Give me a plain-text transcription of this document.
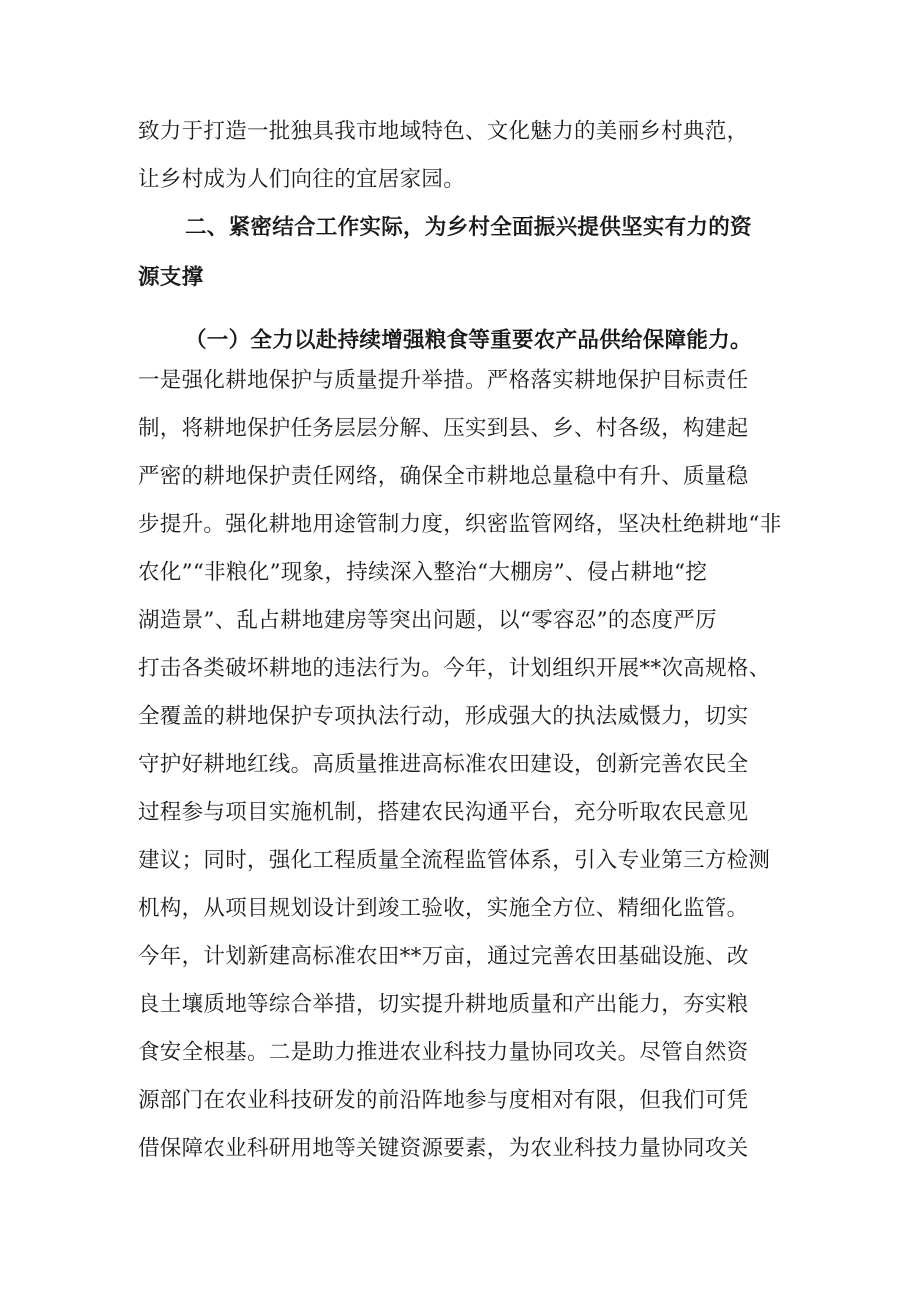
致力于打造一批独具我市地域特色、文化魅力的美丽乡村典范，
让乡村成为人们向往的宜居家园。
二、紧密结合工作实际，为乡村全面振兴提供坚实有力的资
源支撑
（一）全力以赴持续增强粮食等重要农产品供给保障能力。
一是强化耕地保护与质量提升举措。严格落实耕地保护目标责任
制，将耕地保护任务层层分解、压实到县、乡、村各级，构建起
严密的耕地保护责任网络，确保全市耕地总量稳中有升、质量稳
步提升。强化耕地用途管制力度，织密监管网络，坚决杜绝耕地“非
农化”“非粮化”现象，持续深入整治“大棚房”、侵占耕地“挖
湖造景”、乱占耕地建房等突出问题，以“零容忍”的态度严厉
打击各类破坏耕地的违法行为。今年，计划组织开展**次高规格、
全覆盖的耕地保护专项执法行动，形成强大的执法威慑力，切实
守护好耕地红线。高质量推进高标准农田建设，创新完善农民全
过程参与项目实施机制，搭建农民沟通平台，充分听取农民意见
建议；同时，强化工程质量全流程监管体系，引入专业第三方检测
机构，从项目规划设计到竣工验收，实施全方位、精细化监管。
今年，计划新建高标准农田**万亩，通过完善农田基础设施、改
良土壤质地等综合举措，切实提升耕地质量和产出能力，夯实粮
食安全根基。二是助力推进农业科技力量协同攻关。尽管自然资
源部门在农业科技研发的前沿阵地参与度相对有限，但我们可凭
借保障农业科研用地等关键资源要素，为农业科技力量协同攻关
